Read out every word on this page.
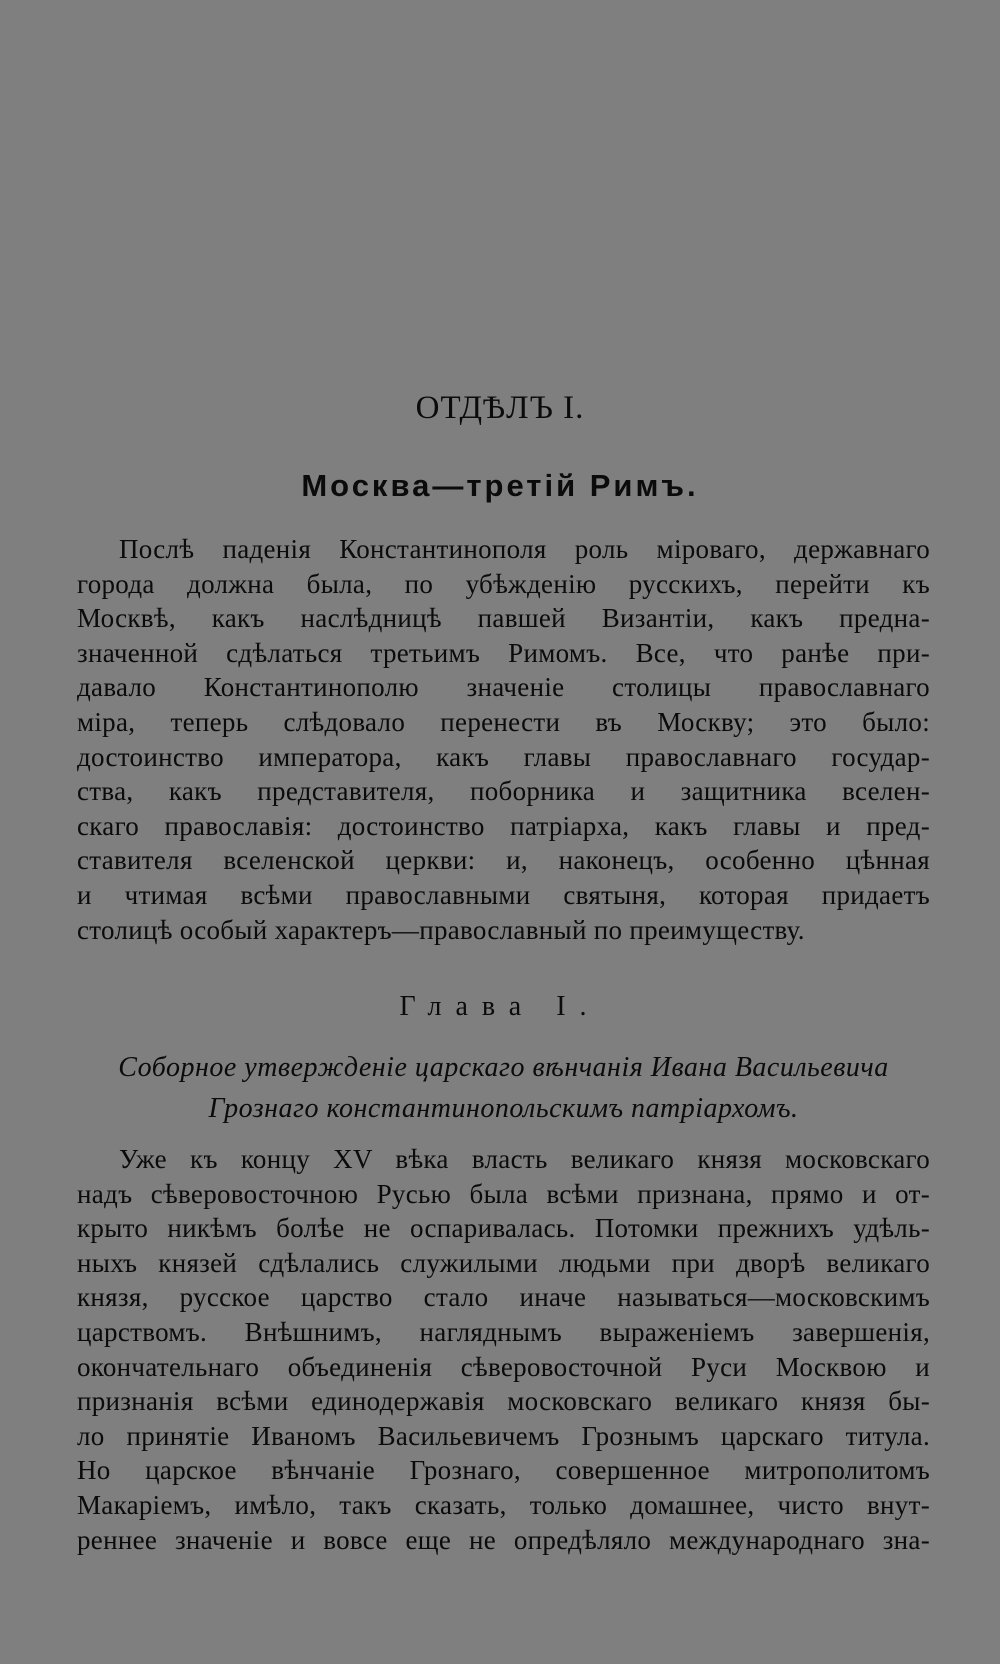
ОТДѢЛЪ I.
Москва—третій Римъ.
Послѣ паденія Константинополя роль міроваго, державнаго
города должна была, по убѣжденію русскихъ, перейти къ
Москвѣ, какъ наслѣдницѣ павшей Византіи, какъ предна-
значенной сдѣлаться третьимъ Римомъ. Все, что ранѣе при-
давало Константинополю значеніе столицы православнаго
міра, теперь слѣдовало перенести въ Москву; это было:
достоинство императора, какъ главы православнаго государ-
ства, какъ представителя, поборника и защитника вселен-
скаго православія: достоинство патріарха, какъ главы и пред-
ставителя вселенской церкви: и, наконецъ, особенно цѣнная
и чтимая всѣми православными святыня, которая придаетъ
столицѣ особый характеръ—православный по преимуществу.
Глава I.
Соборное утвержденіе царскаго вѣнчанія Ивана Васильевича
Грознаго константинопольскимъ патріархомъ.
Уже къ концу XV вѣка власть великаго князя московскаго
надъ сѣверовосточною Русью была всѣми признана, прямо и от-
крыто никѣмъ болѣе не оспаривалась. Потомки прежнихъ удѣль-
ныхъ князей сдѣлались служилыми людьми при дворѣ великаго
князя, русское царство стало иначе называться—московскимъ
царствомъ. Внѣшнимъ, нагляднымъ выраженіемъ завершенія,
окончательнаго объединенія сѣверовосточной Руси Москвою и
признанія всѣми единодержавія московскаго великаго князя бы-
ло принятіе Иваномъ Васильевичемъ Грознымъ царскаго титула.
Но царское вѣнчаніе Грознаго, совершенное митрополитомъ
Макаріемъ, имѣло, такъ сказать, только домашнее, чисто внут-
реннее значеніе и вовсе еще не опредѣляло международнаго зна-
